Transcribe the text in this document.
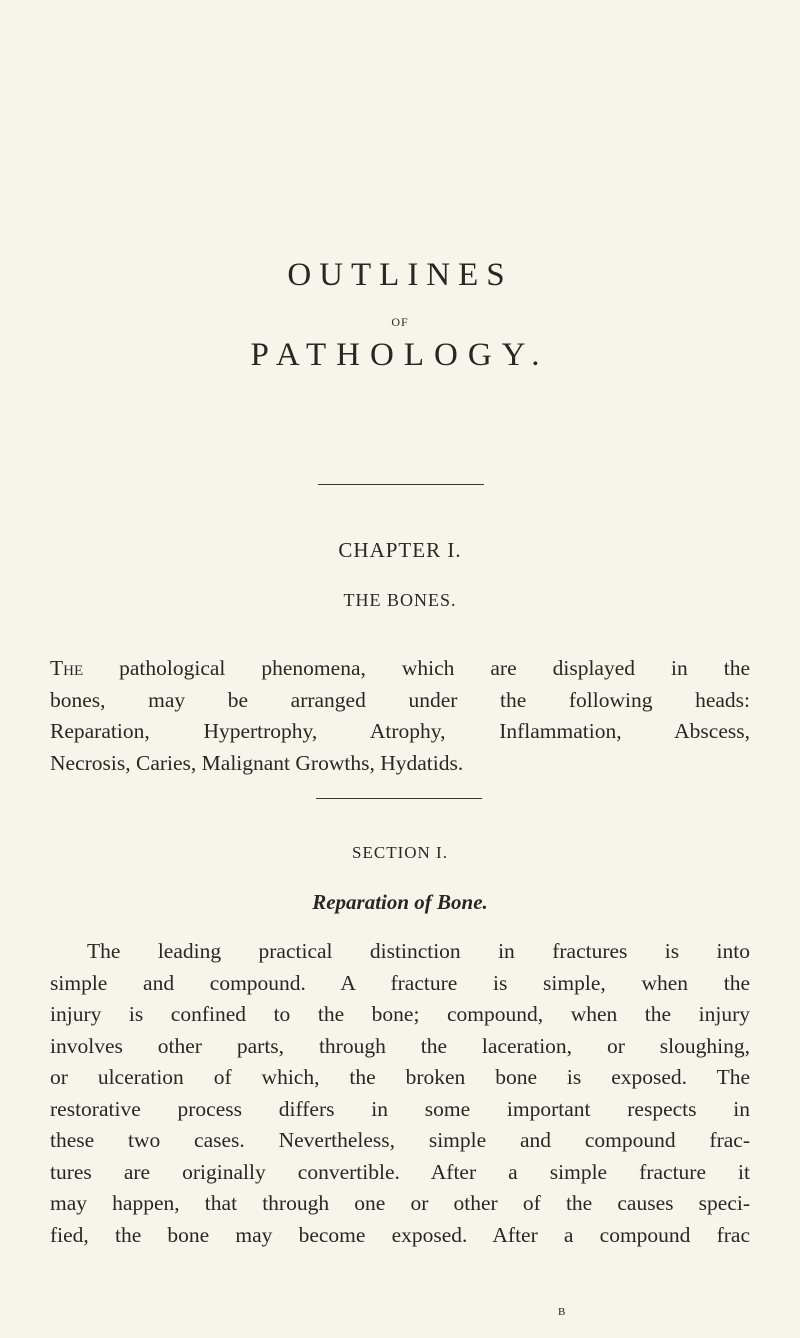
OUTLINES
OF
PATHOLOGY.
CHAPTER I.
THE BONES.
The pathological phenomena, which are displayed in the
bones, may be arranged under the following heads:
Reparation, Hypertrophy, Atrophy, Inflammation, Abscess,
Necrosis, Caries, Malignant Growths, Hydatids.
SECTION I.
Reparation of Bone.
The leading practical distinction in fractures is into
simple and compound. A fracture is simple, when the
injury is confined to the bone; compound, when the injury
involves other parts, through the laceration, or sloughing,
or ulceration of which, the broken bone is exposed. The
restorative process differs in some important respects in
these two cases. Nevertheless, simple and compound frac-
tures are originally convertible. After a simple fracture it
may happen, that through one or other of the causes speci-
fied, the bone may become exposed. After a compound frac
B
